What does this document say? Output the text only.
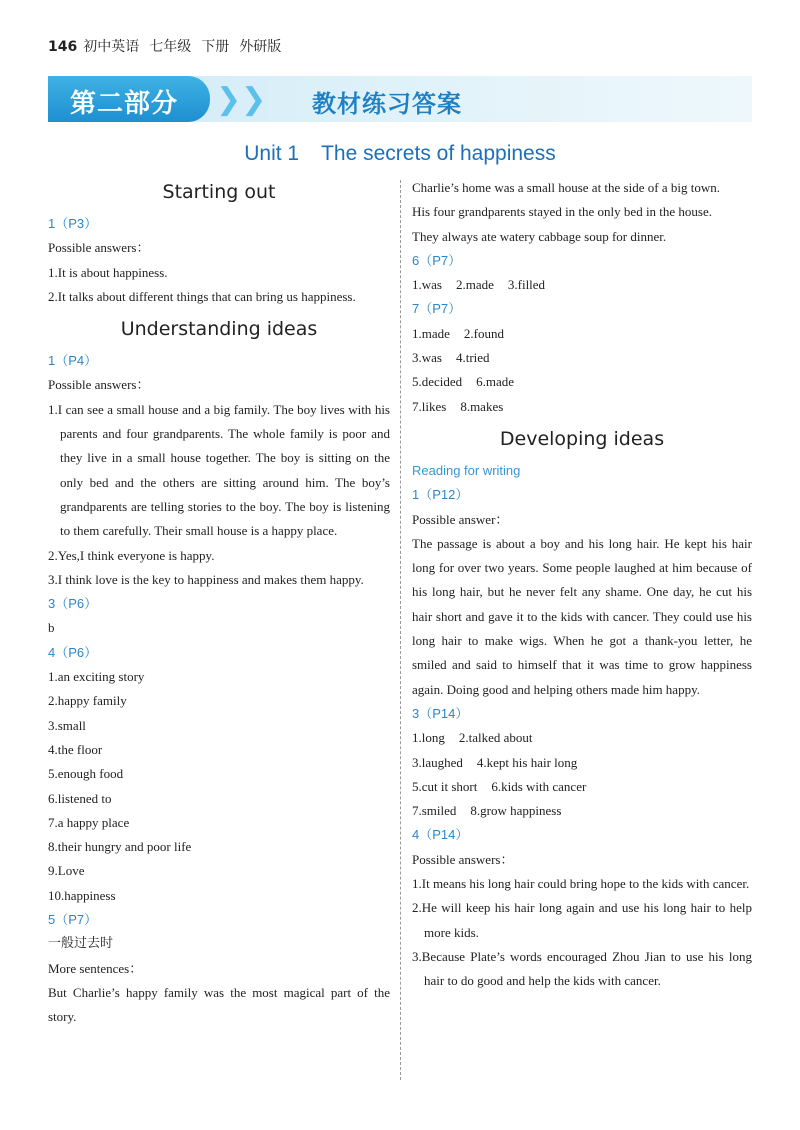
146 初中英语 七年级 下册 外研版
第二部分 ❯❯ 教材练习答案
Unit 1 The secrets of happiness
Starting out
1（P3）
Possible answers：
1.It is about happiness.
2.It talks about different things that can bring us happiness.
Understanding ideas
1（P4）
Possible answers：
1.I can see a small house and a big family. The boy lives with his parents and four grandparents. The whole family is poor and they live in a small house together. The boy is sitting on the only bed and the others are sitting around him. The boy’s grandparents are telling stories to the boy. The boy is listening to them carefully. Their small house is a happy place.
2.Yes,I think everyone is happy.
3.I think love is the key to happiness and makes them happy.
3（P6）
b
4（P6）
1.an exciting story
2.happy family
3.small
4.the floor
5.enough food
6.listened to
7.a happy place
8.their hungry and poor life
9.Love
10.happiness
5（P7）
一般过去时
More sentences：
But Charlie’s happy family was the most magical part of the story.
Charlie’s home was a small house at the side of a big town.
His four grandparents stayed in the only bed in the house.
They always ate watery cabbage soup for dinner.
6（P7）
1.was 2.made 3.filled
7（P7）
1.made 2.found
3.was 4.tried
5.decided 6.made
7.likes 8.makes
Developing ideas
Reading for writing
1（P12）
Possible answer：
The passage is about a boy and his long hair. He kept his hair long for over two years. Some people laughed at him because of his long hair, but he never felt any shame. One day, he cut his hair short and gave it to the kids with cancer. They could use his long hair to make wigs. When he got a thank-you letter, he smiled and said to himself that it was time to grow happiness again. Doing good and helping others made him happy.
3（P14）
1.long 2.talked about
3.laughed 4.kept his hair long
5.cut it short 6.kids with cancer
7.smiled 8.grow happiness
4（P14）
Possible answers：
1.It means his long hair could bring hope to the kids with cancer.
2.He will keep his hair long again and use his long hair to help more kids.
3.Because Plate’s words encouraged Zhou Jian to use his long hair to do good and help the kids with cancer.
